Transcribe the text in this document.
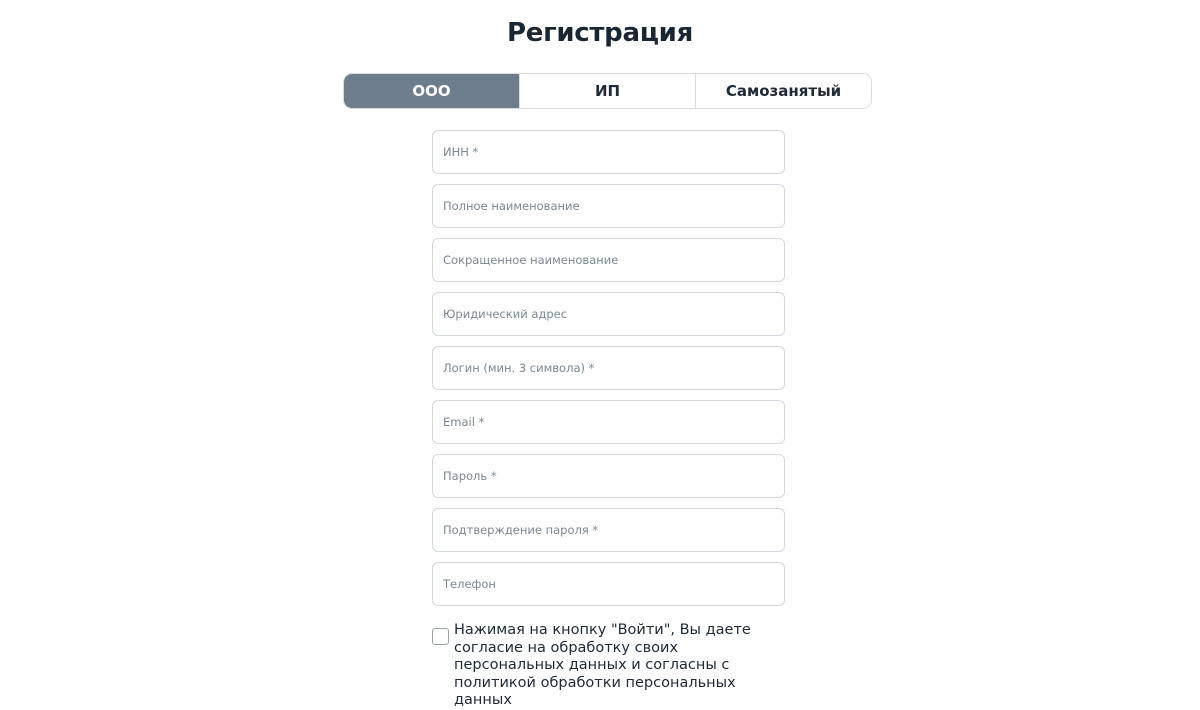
Регистрация
ООО	ИП	Самозанятый
ИНН *
Полное наименование
Сокращенное наименование
Юридический адрес
Логин (мин. 3 символа) *
Email *
Телефон
Нажимая на кнопку "Войти", Вы даете согласие на обработку своих персональных данных и согласны с политикой обработки персональных данных
